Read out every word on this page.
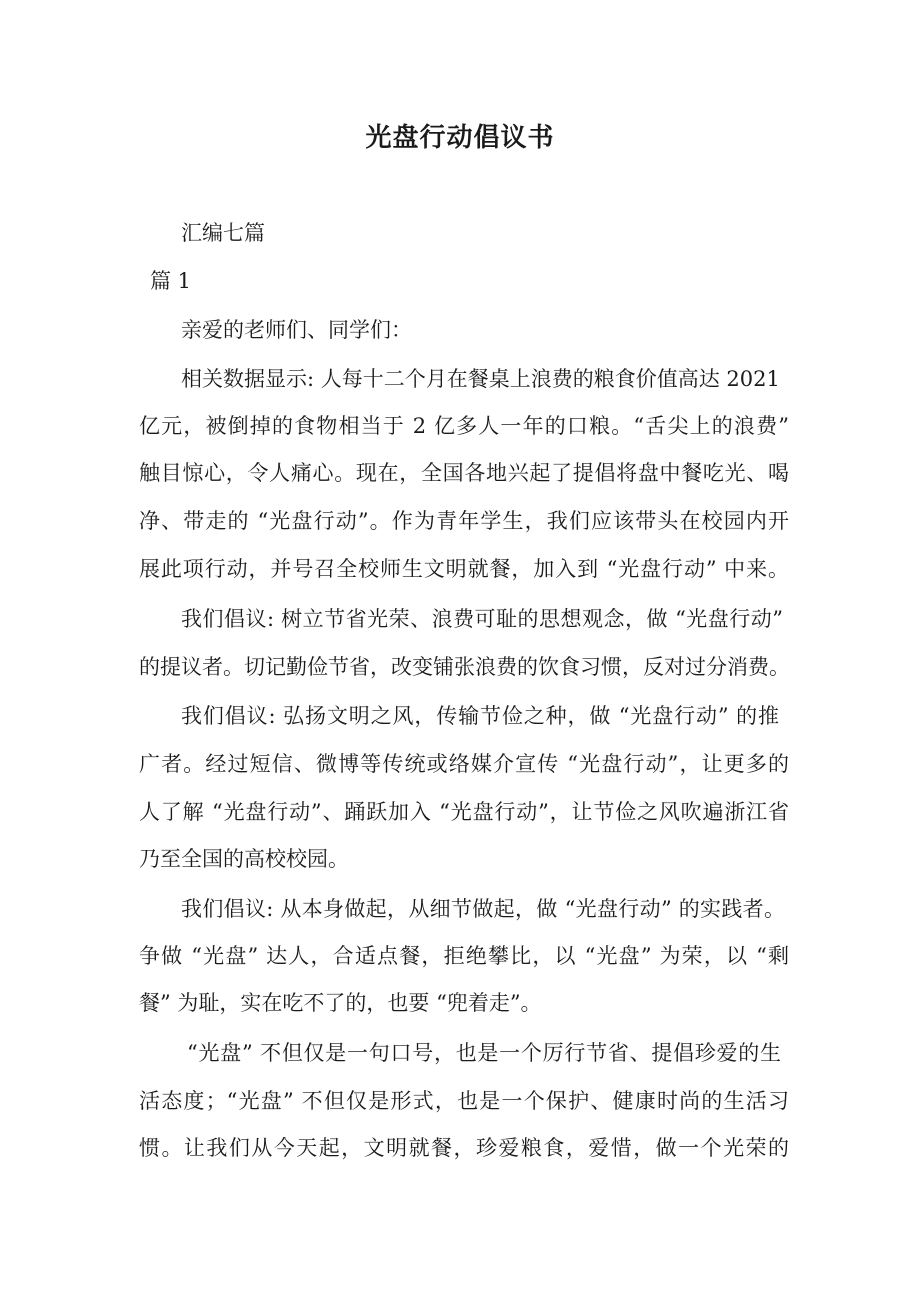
光盘行动倡议书
汇编七篇
篇 1
亲爱的老师们、同学们：
相关数据显示: 人每十二个月在餐桌上浪费的粮食价值高达 2021
亿元，被倒掉的食物相当于 2 亿多人一年的口粮。“舌尖上的浪费”
触目惊心，令人痛心。现在，全国各地兴起了提倡将盘中餐吃光、喝
净、带走的 “光盘行动”。作为青年学生，我们应该带头在校园内开
展此项行动，并号召全校师生文明就餐，加入到 “光盘行动” 中来。
我们倡议: 树立节省光荣、浪费可耻的思想观念，做 “光盘行动”
的提议者。切记勤俭节省，改变铺张浪费的饮食习惯，反对过分消费。
我们倡议: 弘扬文明之风，传输节俭之种，做 “光盘行动” 的推
广者。经过短信、微博等传统或络媒介宣传 “光盘行动”，让更多的
人了解 “光盘行动”、踊跃加入 “光盘行动”，让节俭之风吹遍浙江省
乃至全国的高校校园。
我们倡议: 从本身做起，从细节做起，做 “光盘行动” 的实践者。
争做 “光盘” 达人，合适点餐，拒绝攀比，以 “光盘” 为荣，以 “剩
餐” 为耻，实在吃不了的，也要 “兜着走”。
“光盘” 不但仅是一句口号，也是一个厉行节省、提倡珍爱的生
活态度；“光盘” 不但仅是形式，也是一个保护、健康时尚的生活习
惯。让我们从今天起，文明就餐，珍爱粮食，爱惜，做一个光荣的
